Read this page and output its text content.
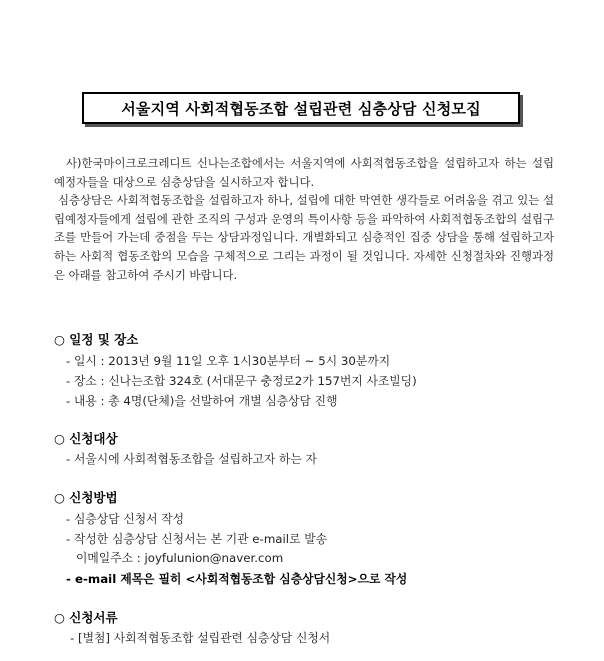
서울지역 사회적협동조합 설립관련 심층상담 신청모집

사)한국마이크로크레디트 신나는조합에서는 서울지역에 사회적협동조합을 설립하고자 하는 설립예정자들을 대상으로 심층상담을 실시하고자 합니다.

심층상담은 사회적협동조합을 설립하고자 하나, 설립에 대한 막연한 생각들로 어려움을 겪고 있는 설립예정자들에게 설립에 관한 조직의 구성과 운영의 특이사항 등을 파악하여 사회적협동조합의 설립구조를 만들어 가는데 중점을 두는 상담과정입니다. 개별화되고 심층적인 집중 상담을 통해 설립하고자 하는 사회적 협동조합의 모습을 구체적으로 그리는 과정이 될 것입니다. 자세한 신청절차와 진행과정은 아래를 참고하여 주시기 바랍니다.

○ 일정 및 장소
- 일시 : 2013년 9월 11일 오후 1시30분부터 ~ 5시 30분까지
- 장소 : 신나는조합 324호 (서대문구 충정로2가 157번지 사조빌딩)
- 내용 : 총 4명(단체)을 선발하여 개별 심층상담 진행
○ 신청대상
- 서울시에 사회적협동조합을 설립하고자 하는 자
○ 신청방법
- 심층상담 신청서 작성
- 작성한 심층상담 신청서는 본 기관 e-mail로 발송
이메일주소 : joyfulunion@naver.com
- e-mail 제목은 필히 <사회적협동조합 심층상담신청>으로 작성
○ 신청서류
- [별첨] 사회적협동조합 설립관련 심층상담 신청서
